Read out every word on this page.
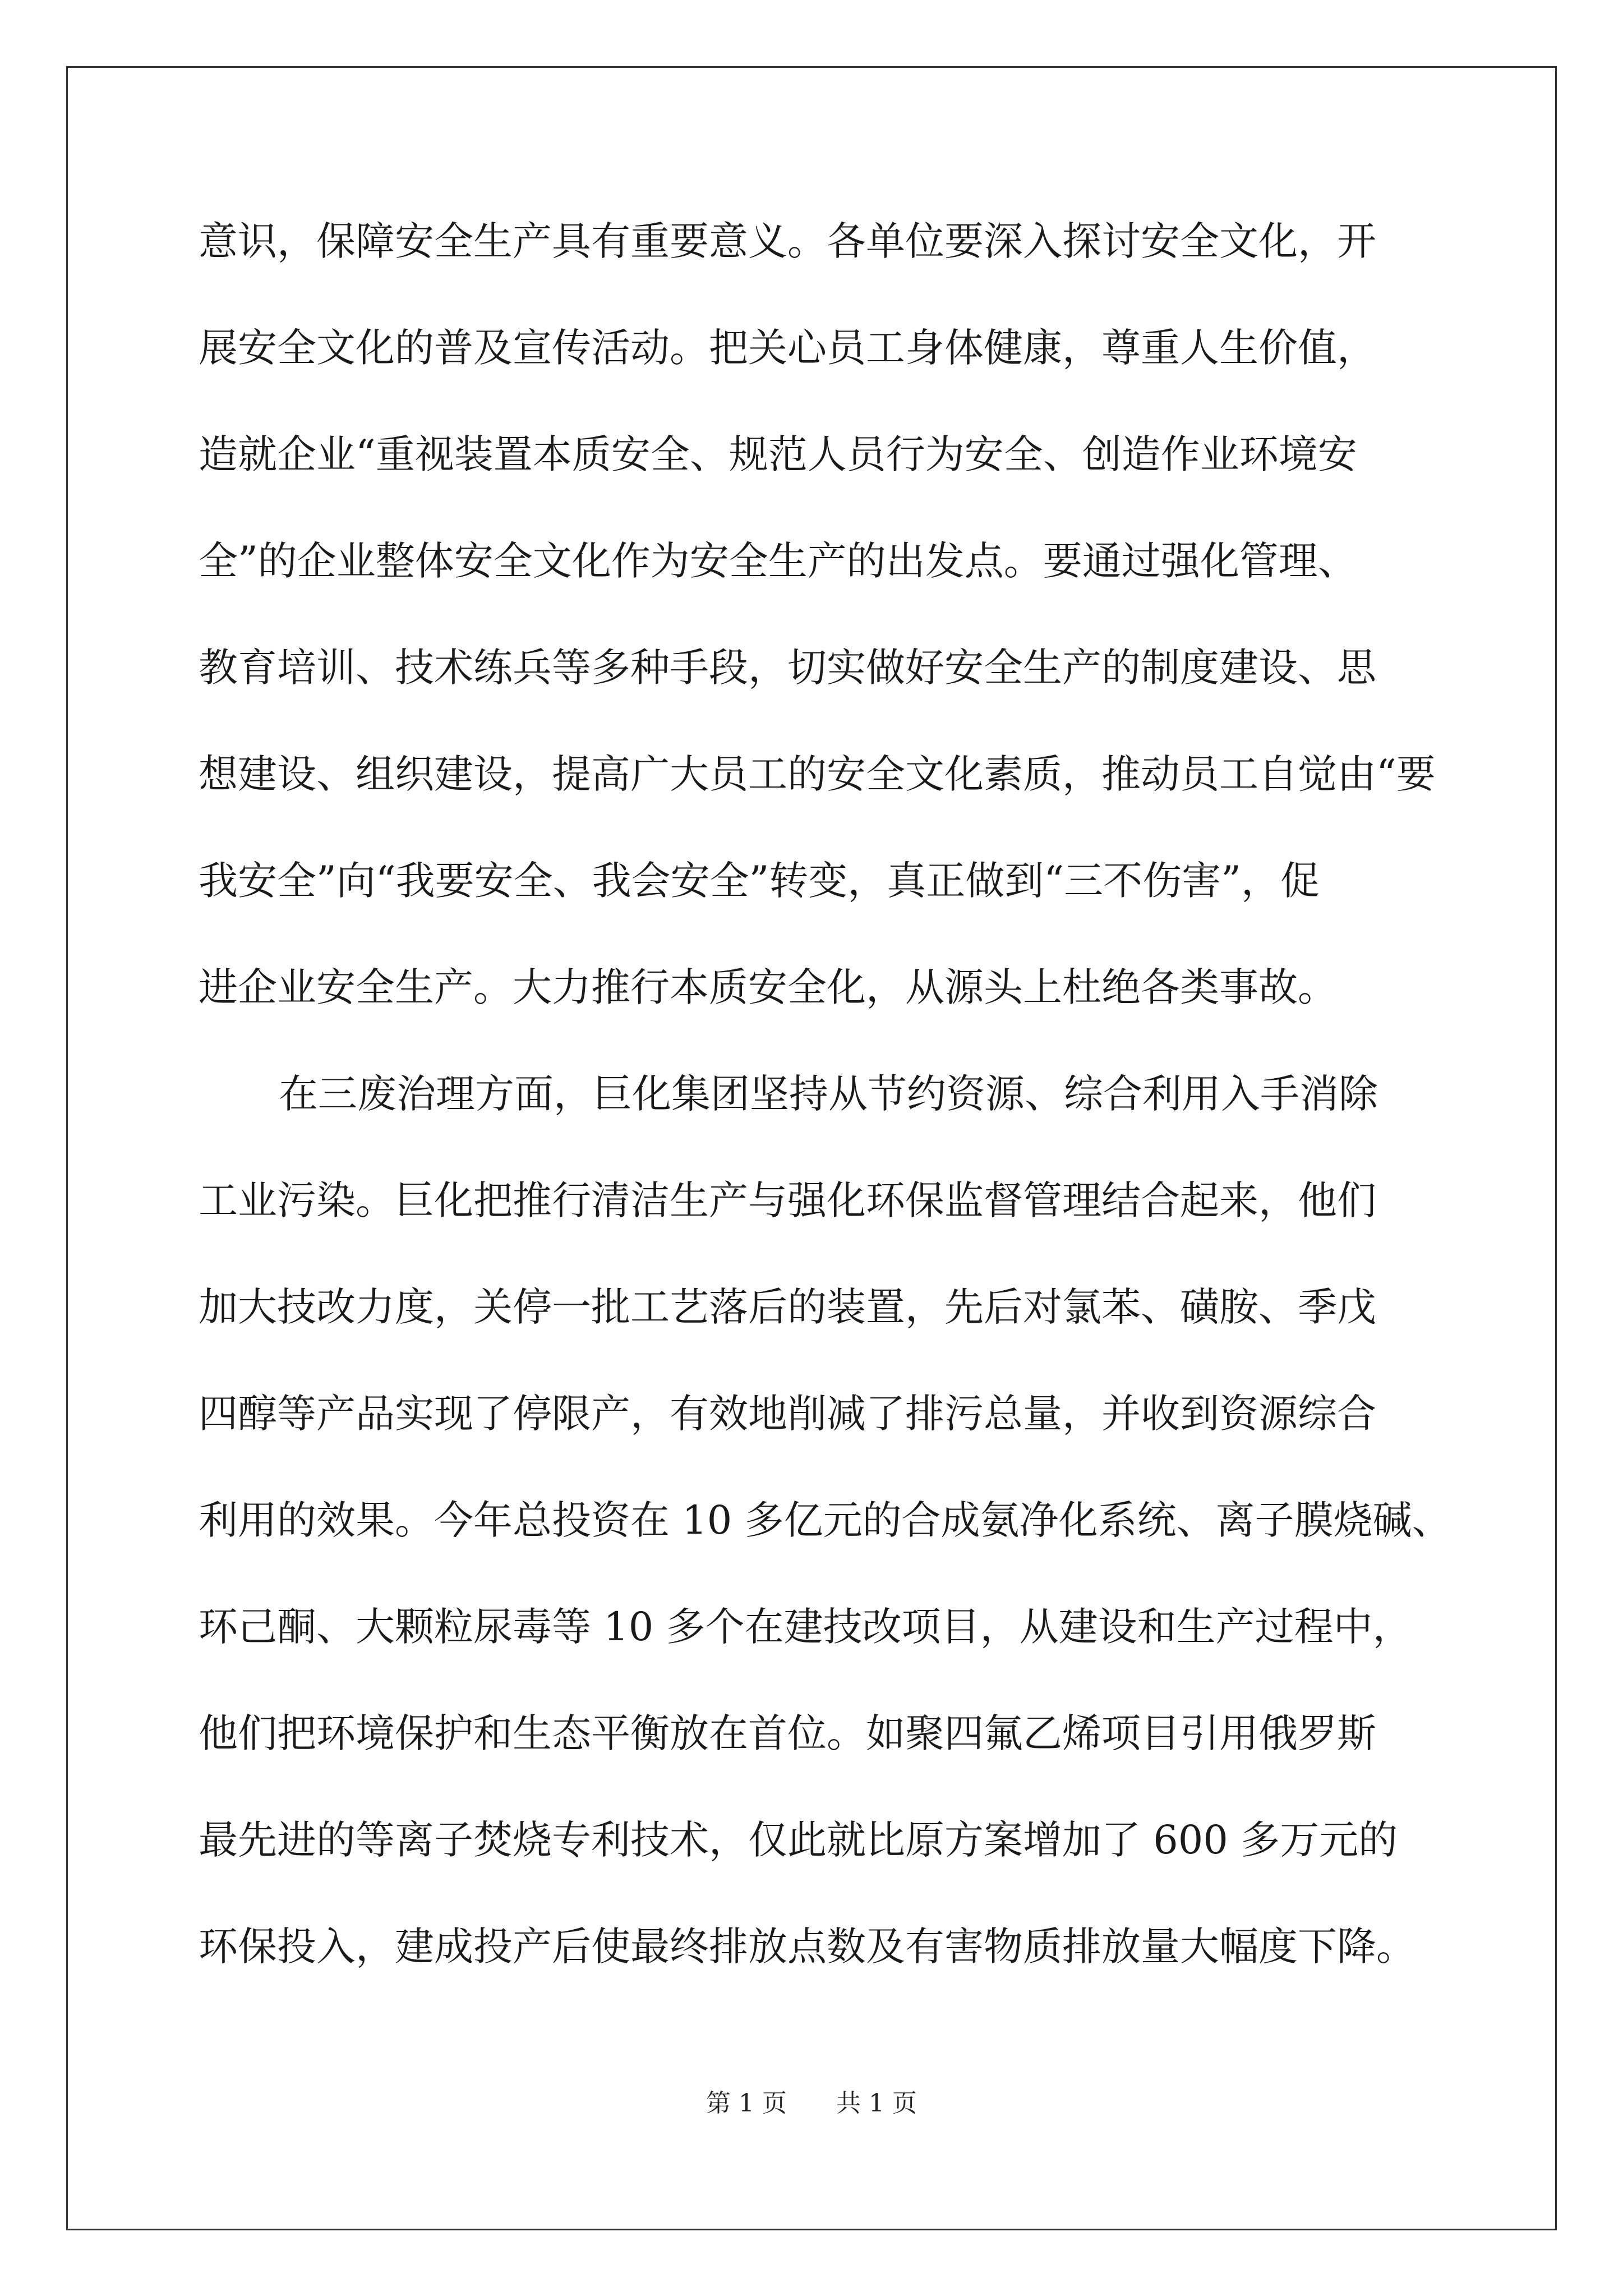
意识，保障安全生产具有重要意义。各单位要深入探讨安全文化，开
展安全文化的普及宣传活动。把关心员工身体健康，尊重人生价值，
造就企业“重视装置本质安全、规范人员行为安全、创造作业环境安
全”的企业整体安全文化作为安全生产的出发点。要通过强化管理、
教育培训、技术练兵等多种手段，切实做好安全生产的制度建设、思
想建设、组织建设，提高广大员工的安全文化素质，推动员工自觉由“要
我安全”向“我要安全、我会安全”转变，真正做到“三不伤害”，促
进企业安全生产。大力推行本质安全化，从源头上杜绝各类事故。
在三废治理方面，巨化集团坚持从节约资源、综合利用入手消除
工业污染。巨化把推行清洁生产与强化环保监督管理结合起来，他们
加大技改力度，关停一批工艺落后的装置，先后对氯苯、磺胺、季戊
四醇等产品实现了停限产，有效地削减了排污总量，并收到资源综合
利用的效果。今年总投资在 10 多亿元的合成氨净化系统、离子膜烧碱、
环己酮、大颗粒尿毒等 10 多个在建技改项目，从建设和生产过程中，
他们把环境保护和生态平衡放在首位。如聚四氟乙烯项目引用俄罗斯
最先进的等离子焚烧专利技术，仅此就比原方案增加了 600 多万元的
环保投入，建成投产后使最终排放点数及有害物质排放量大幅度下降。
第 1 页 共 1 页
